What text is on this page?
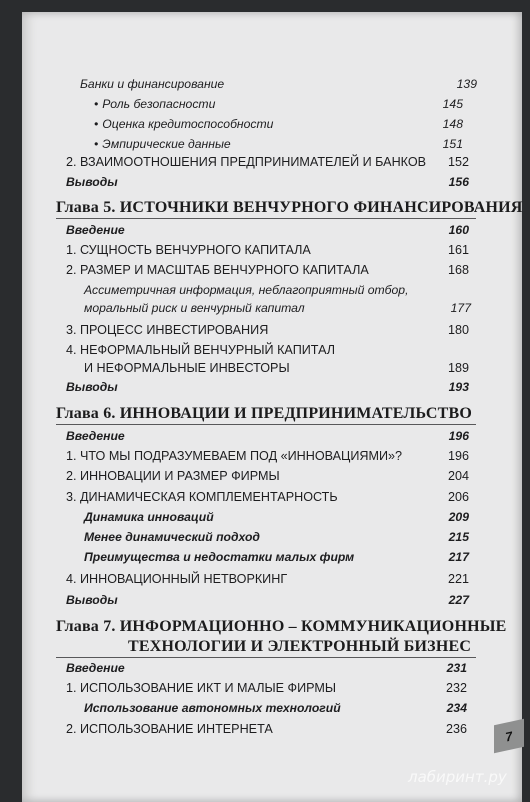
Банки и финансирование	139
• Роль безопасности	145
• Оценка кредитоспособности	148
• Эмпирические данные	151
2. ВЗАИМООТНОШЕНИЯ ПРЕДПРИНИМАТЕЛЕЙ И БАНКОВ 152
Выводы	156
Глава 5. ИСТОЧНИКИ ВЕНЧУРНОГО ФИНАНСИРОВАНИЯ
Введение	160
1. СУЩНОСТЬ ВЕНЧУРНОГО КАПИТАЛА	161
2. РАЗМЕР И МАСШТАБ ВЕНЧУРНОГО КАПИТАЛА	168
Ассиметричная информация, неблагоприятный отбор,
моральный риск и венчурный капитал	177
3. ПРОЦЕСС ИНВЕСТИРОВАНИЯ	180
4. НЕФОРМАЛЬНЫЙ ВЕНЧУРНЫЙ КАПИТАЛ
И НЕФОРМАЛЬНЫЕ ИНВЕСТОРЫ	189
Выводы	193
Глава 6. ИННОВАЦИИ И ПРЕДПРИНИМАТЕЛЬСТВО
Введение	196
1. ЧТО МЫ ПОДРАЗУМЕВАЕМ ПОД «ИННОВАЦИЯМИ»?	196
2. ИННОВАЦИИ И РАЗМЕР ФИРМЫ	204
3. ДИНАМИЧЕСКАЯ КОМПЛЕМЕНТАРНОСТЬ	206
Динамика инноваций	209
Менее динамический подход	215
Преимущества и недостатки малых фирм	217
4. ИННОВАЦИОННЫЙ НЕТВОРКИНГ	221
Выводы	227
Глава 7. ИНФОРМАЦИОННО – КОММУНИКАЦИОННЫЕ
ТЕХНОЛОГИИ И ЭЛЕКТРОННЫЙ БИЗНЕС
Введение	231
1. ИСПОЛЬЗОВАНИЕ ИКТ И МАЛЫЕ ФИРМЫ	232
Использование автономных технологий	234
2. ИСПОЛЬЗОВАНИЕ ИНТЕРНЕТА	236	7
лабиринт.ру
